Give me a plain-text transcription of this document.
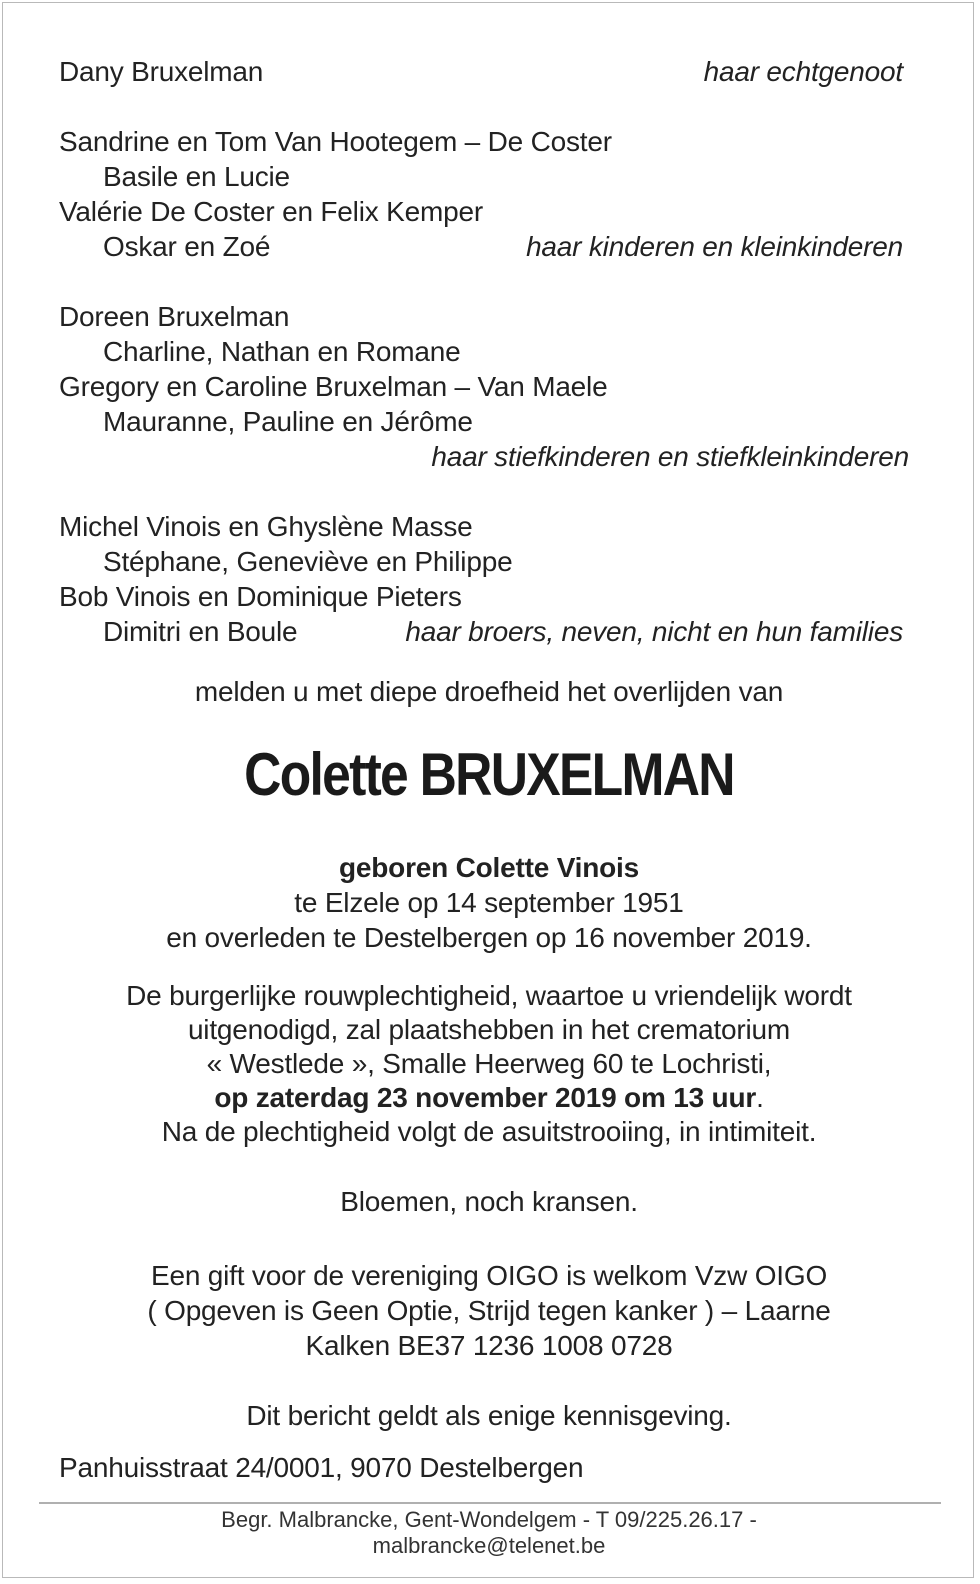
Dany Bruxelman	haar echtgenoot
Sandrine en Tom Van Hootegem – De Coster
Basile en Lucie
Valérie De Coster en Felix Kemper
Oskar en Zoé	haar kinderen en kleinkinderen
Doreen Bruxelman
Charline, Nathan en Romane
Gregory en Caroline Bruxelman – Van Maele
Mauranne, Pauline en Jérôme
haar stiefkinderen en stiefkleinkinderen
Michel Vinois en Ghyslène Masse
Stéphane, Geneviève en Philippe
Bob Vinois en Dominique Pieters
Dimitri en Boule	haar broers, neven, nicht en hun families
melden u met diepe droefheid het overlijden van
Colette BRUXELMAN
geboren Colette Vinois
te Elzele op 14 september 1951
en overleden te Destelbergen op 16 november 2019.
De burgerlijke rouwplechtigheid, waartoe u vriendelijk wordt
uitgenodigd, zal plaatshebben in het crematorium
« Westlede », Smalle Heerweg 60 te Lochristi,
op zaterdag 23 november 2019 om 13 uur.
Na de plechtigheid volgt de asuitstrooiing, in intimiteit.
Bloemen, noch kransen.
Een gift voor de vereniging OIGO is welkom Vzw OIGO
( Opgeven is Geen Optie, Strijd tegen kanker ) – Laarne
Kalken BE37 1236 1008 0728
Dit bericht geldt als enige kennisgeving.
Panhuisstraat 24/0001, 9070 Destelbergen
Begr. Malbrancke, Gent-Wondelgem - T 09/225.26.17 -
malbrancke@telenet.be
